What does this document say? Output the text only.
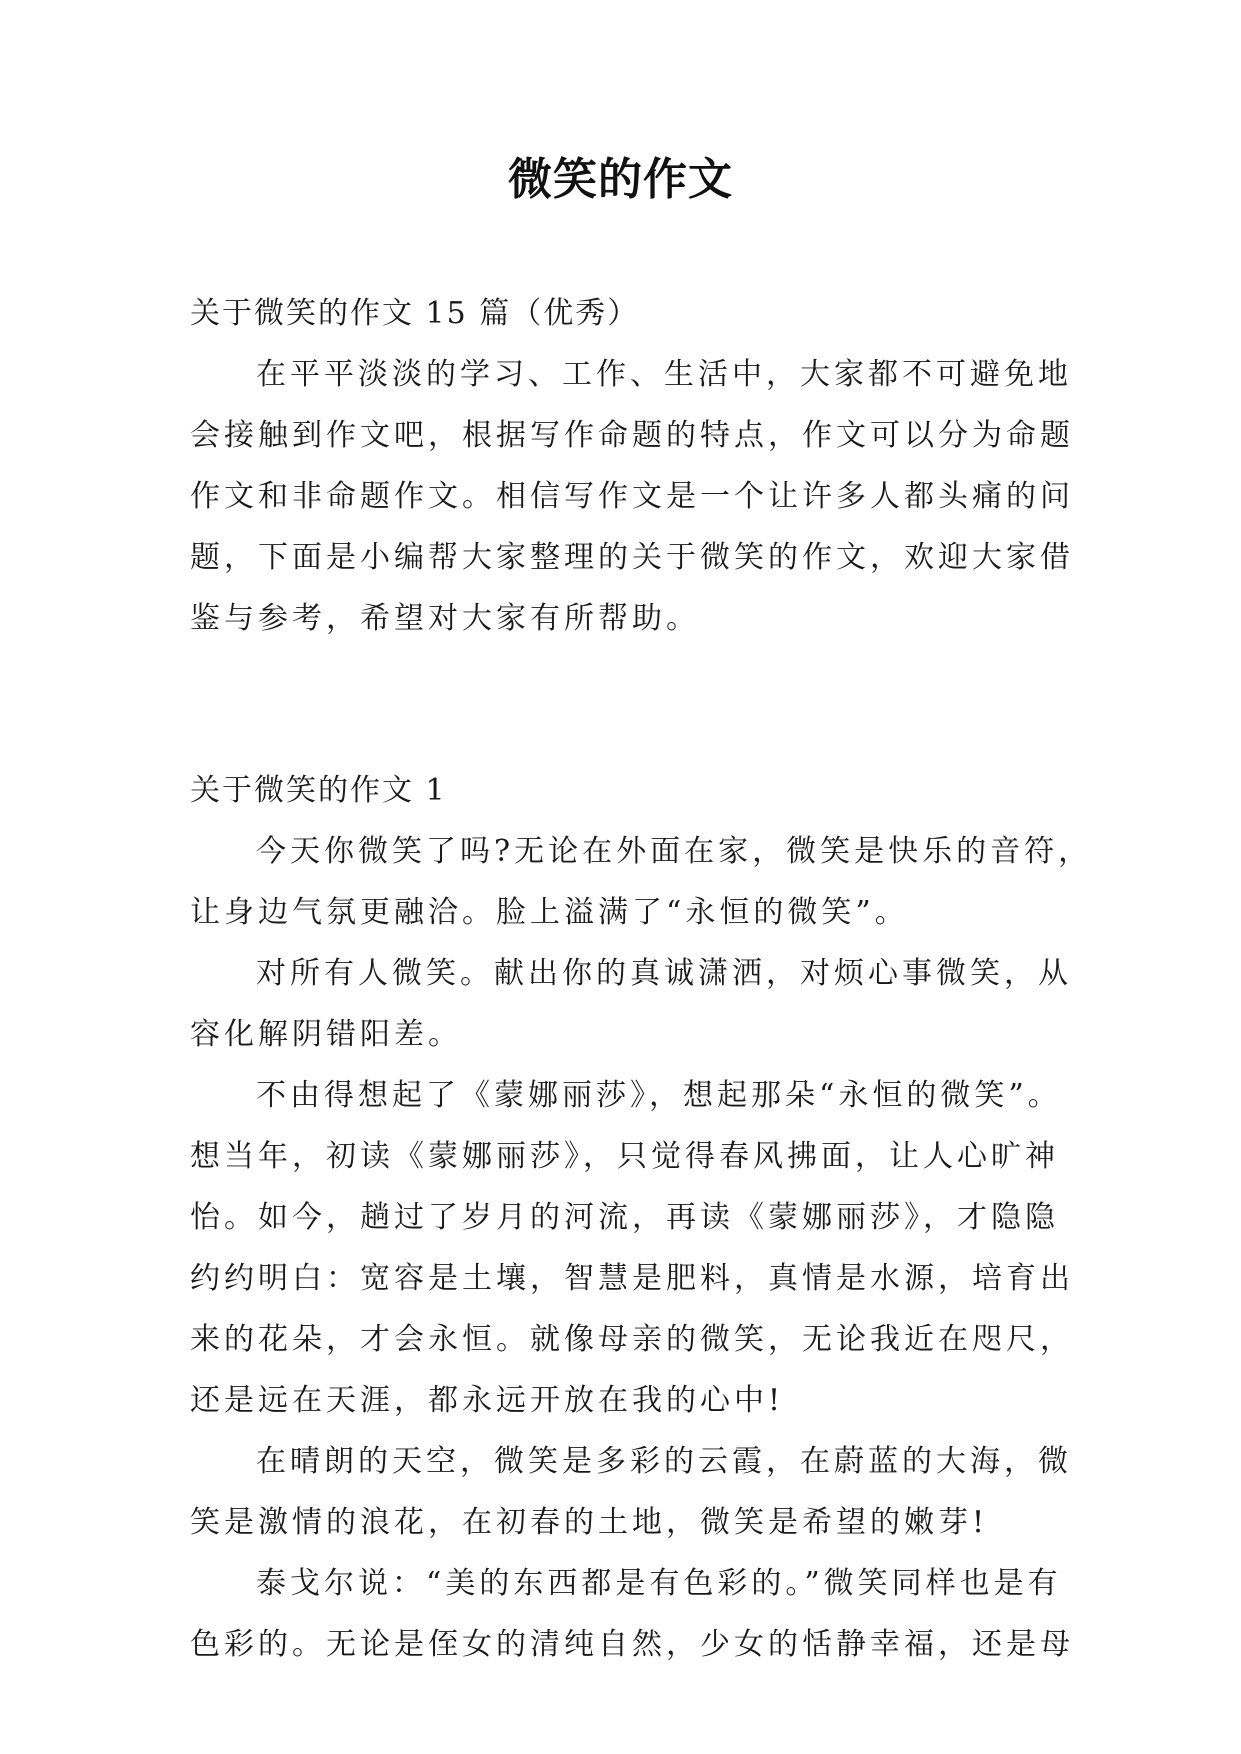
微笑的作文
关于微笑的作文 15 篇（优秀）
在平平淡淡的学习、工作、生活中，大家都不可避免地
会接触到作文吧，根据写作命题的特点，作文可以分为命题
作文和非命题作文。相信写作文是一个让许多人都头痛的问
题，下面是小编帮大家整理的关于微笑的作文，欢迎大家借
鉴与参考，希望对大家有所帮助。
关于微笑的作文 1
今天你微笑了吗?无论在外面在家，微笑是快乐的音符，
让身边气氛更融洽。脸上溢满了“永恒的微笑”。
对所有人微笑。献出你的真诚潇洒，对烦心事微笑，从
容化解阴错阳差。
不由得想起了《蒙娜丽莎》，想起那朵“永恒的微笑”。
想当年，初读《蒙娜丽莎》，只觉得春风拂面，让人心旷神
怡。如今，趟过了岁月的河流，再读《蒙娜丽莎》，才隐隐
约约明白：宽容是土壤，智慧是肥料，真情是水源，培育出
来的花朵，才会永恒。就像母亲的微笑，无论我近在咫尺，
还是远在天涯，都永远开放在我的心中!
在晴朗的天空，微笑是多彩的云霞，在蔚蓝的大海，微
笑是激情的浪花，在初春的土地，微笑是希望的嫩芽!
泰戈尔说：“美的东西都是有色彩的。”微笑同样也是有
色彩的。无论是侄女的清纯自然，少女的恬静幸福，还是母
